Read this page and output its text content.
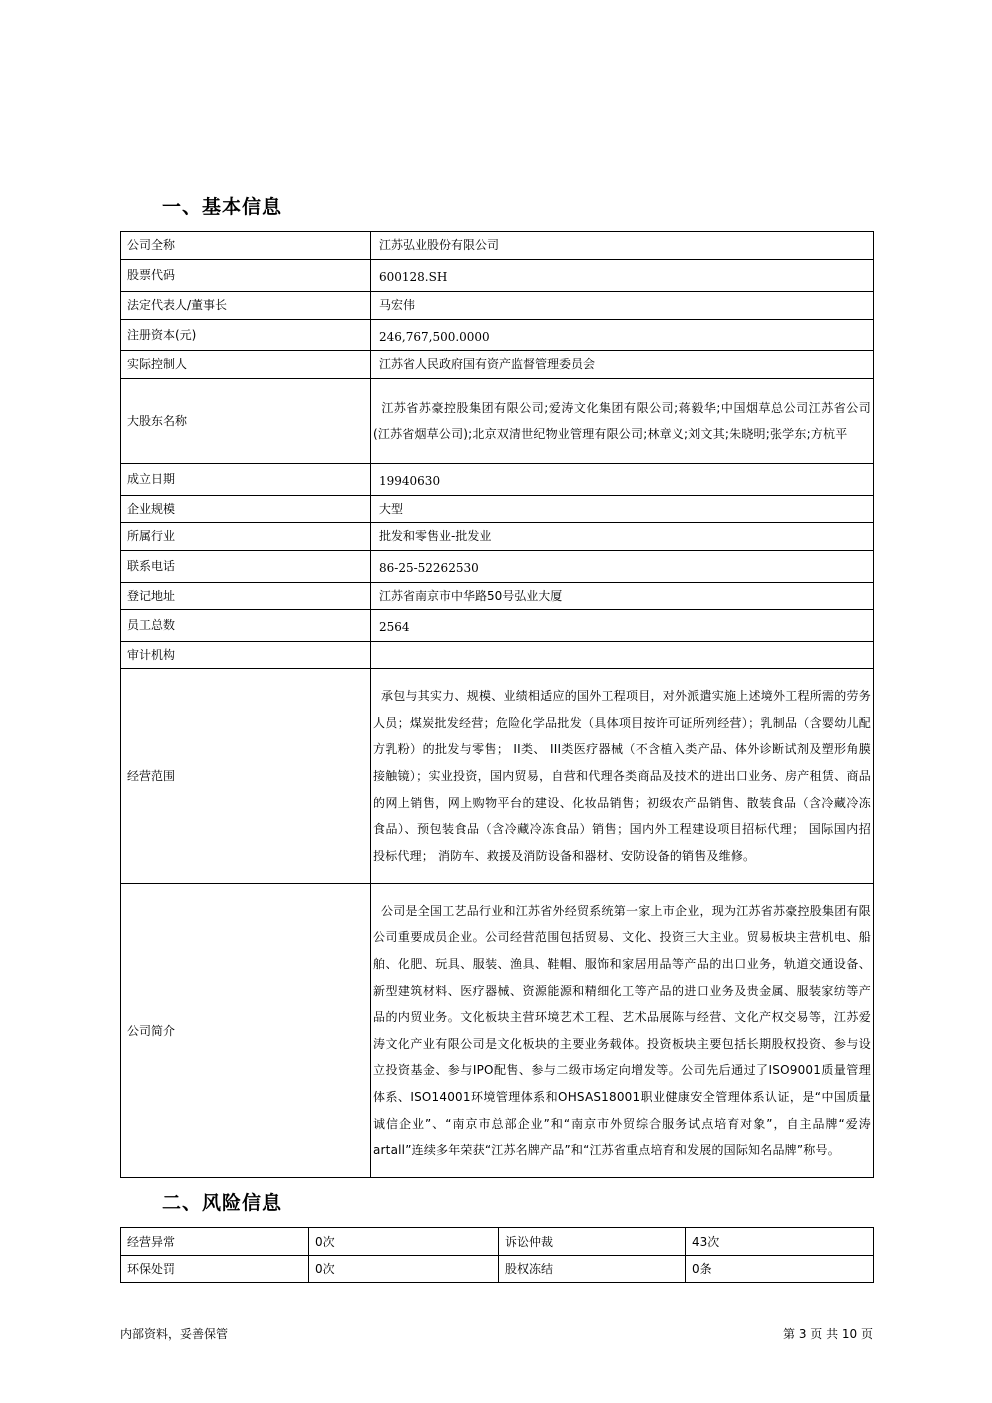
一、基本信息
公司全称	江苏弘业股份有限公司
股票代码	600128.SH
法定代表人/董事长	马宏伟
注册资本(元)	246,767,500.0000
实际控制人	江苏省人民政府国有资产监督管理委员会
大股东名称	江苏省苏豪控股集团有限公司;爱涛文化集团有限公司;蒋毅华;中国烟草总公司江苏省公司(江苏省烟草公司);北京双清世纪物业管理有限公司;林章义;刘文其;朱晓明;张学东;方杭平
成立日期	19940630
企业规模	大型
所属行业	批发和零售业-批发业
联系电话	86-25-52262530
登记地址	江苏省南京市中华路50号弘业大厦
员工总数	2564
审计机构	
经营范围	承包与其实力、规模、业绩相适应的国外工程项目，对外派遣实施上述境外工程所需的劳务人员；煤炭批发经营；危险化学品批发（具体项目按许可证所列经营）；乳制品（含婴幼儿配方乳粉）的批发与零售； II类、 III类医疗器械（不含植入类产品、体外诊断试剂及塑形角膜接触镜）；实业投资，国内贸易，自营和代理各类商品及技术的进出口业务、房产租赁、商品的网上销售，网上购物平台的建设、化妆品销售；初级农产品销售、散装食品（含冷藏冷冻食品）、预包装食品（含冷藏冷冻食品）销售；国内外工程建设项目招标代理； 国际国内招投标代理； 消防车、救援及消防设备和器材、安防设备的销售及维修。
公司简介	公司是全国工艺品行业和江苏省外经贸系统第一家上市企业，现为江苏省苏豪控股集团有限公司重要成员企业。公司经营范围包括贸易、文化、投资三大主业。贸易板块主营机电、船舶、化肥、玩具、服装、渔具、鞋帽、服饰和家居用品等产品的出口业务，轨道交通设备、新型建筑材料、医疗器械、资源能源和精细化工等产品的进口业务及贵金属、服装家纺等产品的内贸业务。文化板块主营环境艺术工程、艺术品展陈与经营、文化产权交易等，江苏爱涛文化产业有限公司是文化板块的主要业务载体。投资板块主要包括长期股权投资、参与设立投资基金、参与IPO配售、参与二级市场定向增发等。公司先后通过了ISO9001质量管理体系、ISO14001环境管理体系和OHSAS18001职业健康安全管理体系认证，是“中国质量诚信企业”、“南京市总部企业”和“南京市外贸综合服务试点培育对象”，自主品牌“爱涛artall”连续多年荣获“江苏名牌产品”和“江苏省重点培育和发展的国际知名品牌”称号。
二、风险信息
经营异常	0次	诉讼仲裁	43次
环保处罚	0次	股权冻结	0条
内部资料，妥善保管	第 3 页 共 10 页
